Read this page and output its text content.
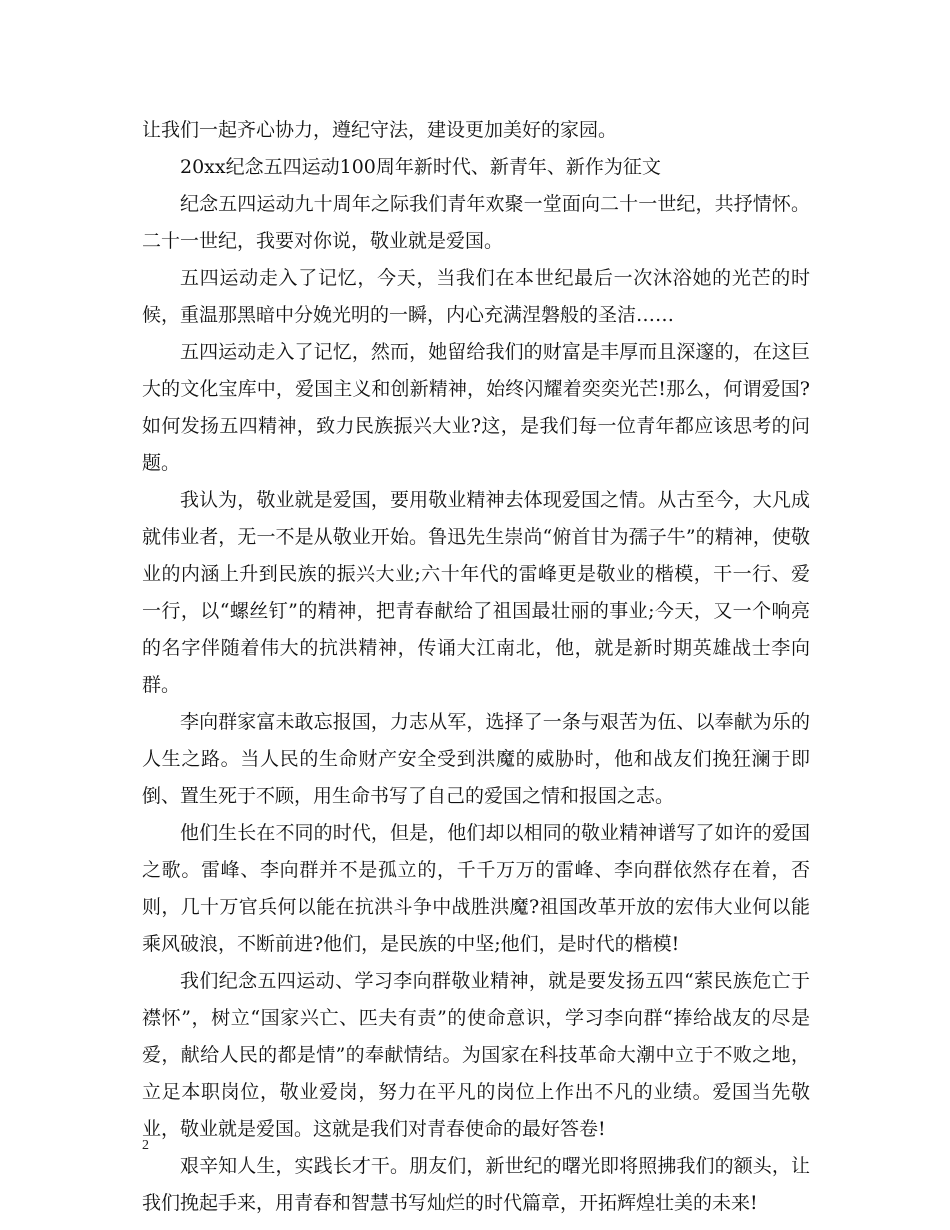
让我们一起齐心协力，遵纪守法，建设更加美好的家园。

20xx纪念五四运动100周年新时代、新青年、新作为征文

纪念五四运动九十周年之际我们青年欢聚一堂面向二十一世纪，共抒情怀。二十一世纪，我要对你说，敬业就是爱国。

五四运动走入了记忆，今天，当我们在本世纪最后一次沐浴她的光芒的时候，重温那黑暗中分娩光明的一瞬，内心充满涅磐般的圣洁……

五四运动走入了记忆，然而，她留给我们的财富是丰厚而且深邃的，在这巨大的文化宝库中，爱国主义和创新精神，始终闪耀着奕奕光芒!那么，何谓爱国?如何发扬五四精神，致力民族振兴大业?这，是我们每一位青年都应该思考的问题。

我认为，敬业就是爱国，要用敬业精神去体现爱国之情。从古至今，大凡成就伟业者，无一不是从敬业开始。鲁迅先生崇尚“俯首甘为孺子牛”的精神，使敬业的内涵上升到民族的振兴大业;六十年代的雷峰更是敬业的楷模，干一行、爱一行，以“螺丝钉”的精神，把青春献给了祖国最壮丽的事业;今天，又一个响亮的名字伴随着伟大的抗洪精神，传诵大江南北，他，就是新时期英雄战士李向群。

李向群家富未敢忘报国，力志从军，选择了一条与艰苦为伍、以奉献为乐的人生之路。当人民的生命财产安全受到洪魔的威胁时，他和战友们挽狂澜于即倒、置生死于不顾，用生命书写了自己的爱国之情和报国之志。

他们生长在不同的时代，但是，他们却以相同的敬业精神谱写了如许的爱国之歌。雷峰、李向群并不是孤立的，千千万万的雷峰、李向群依然存在着，否则，几十万官兵何以能在抗洪斗争中战胜洪魔?祖国改革开放的宏伟大业何以能乘风破浪，不断前进?他们，是民族的中坚;他们，是时代的楷模!

我们纪念五四运动、学习李向群敬业精神，就是要发扬五四“萦民族危亡于襟怀”，树立“国家兴亡、匹夫有责”的使命意识，学习李向群“捧给战友的尽是爱，献给人民的都是情”的奉献情结。为国家在科技革命大潮中立于不败之地，立足本职岗位，敬业爱岗，努力在平凡的岗位上作出不凡的业绩。爱国当先敬业，敬业就是爱国。这就是我们对青春使命的最好答卷!

艰辛知人生，实践长才干。朋友们，新世纪的曙光即将照拂我们的额头，让我们挽起手来，用青春和智慧书写灿烂的时代篇章，开拓辉煌壮美的未来!

2
